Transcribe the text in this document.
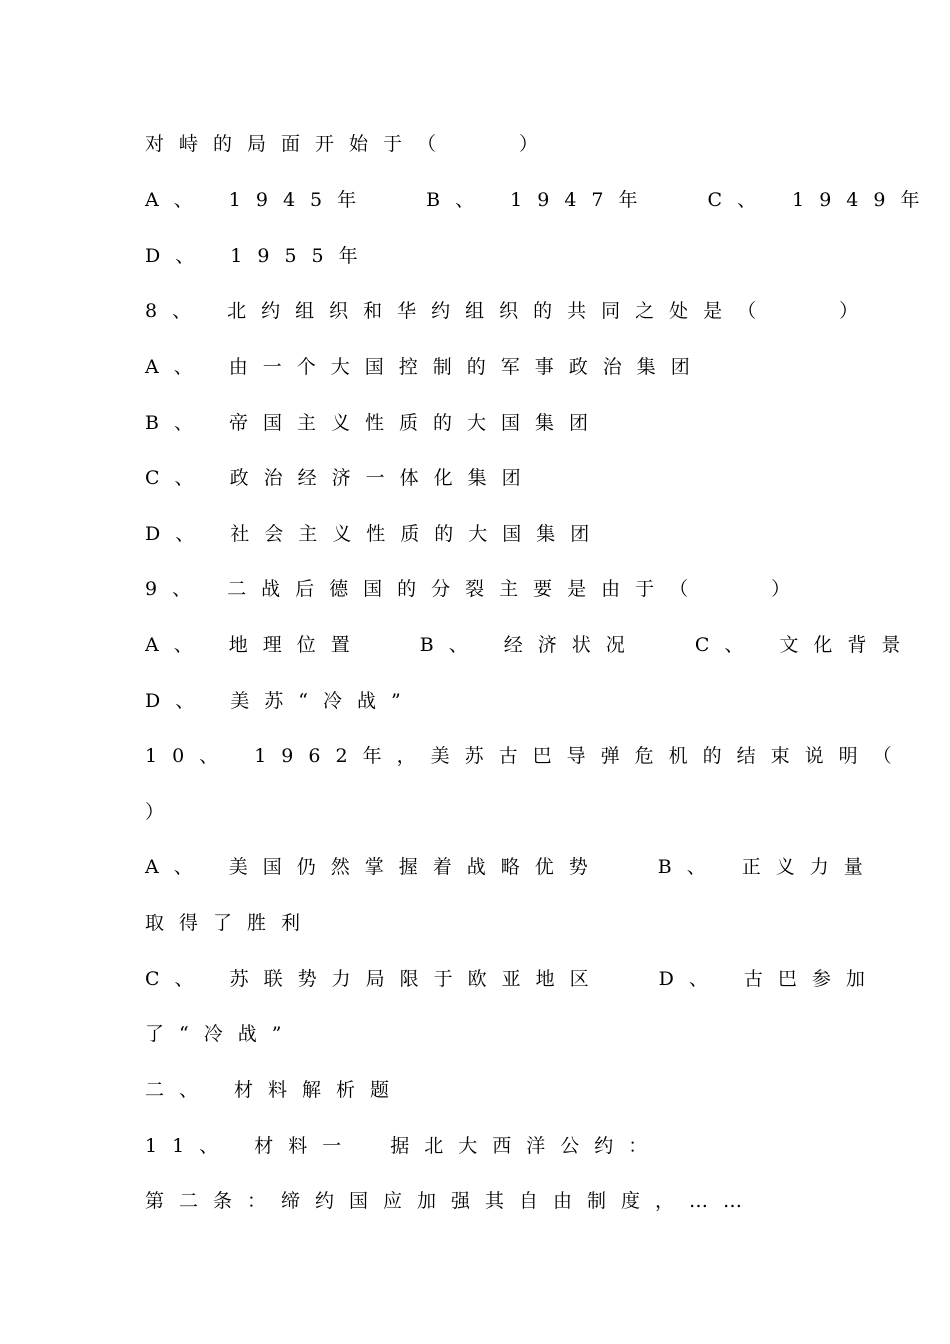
对峙的局面开始于（　　）
A、 1945年 　B、 1947年 　C、 1949年
D、 1955年
8、 北约组织和华约组织的共同之处是（　　）
A、 由一个大国控制的军事政治集团
B、 帝国主义性质的大国集团
C、 政治经济一体化集团
D、 社会主义性质的大国集团
9、 二战后德国的分裂主要是由于（　　）
A、 地理位置　 B、 经济状况　 C、 文化背景
D、 美苏“冷战”
10、 1962年，美苏古巴导弹危机的结束说明（
）
A、 美国仍然掌握着战略优势　 B、 正义力量
取得了胜利
C、 苏联势力局限于欧亚地区　 D、 古巴参加
了“冷战”
二、 材料解析题
11、 材料一　据北大西洋公约：
第二条：缔约国应加强其自由制度，……
